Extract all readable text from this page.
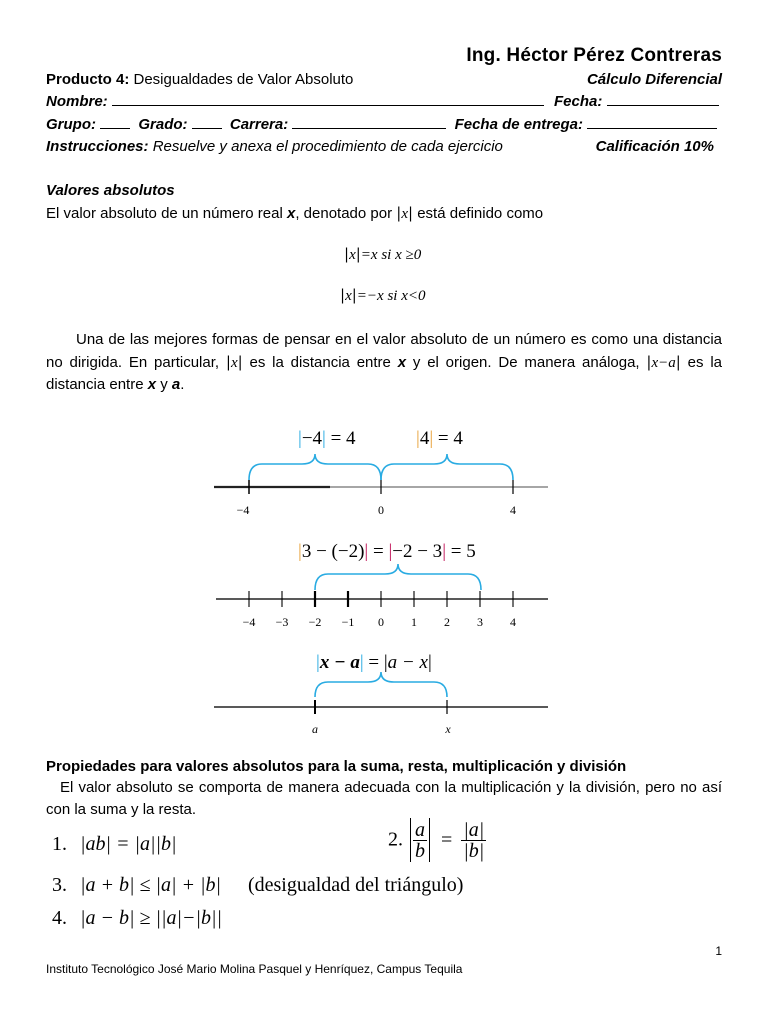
Ing. Héctor Pérez Contreras
Producto 4: Desigualdades de Valor Absoluto	Cálculo Diferencial
Nombre:	Fecha:
Grupo:	Grado:	Carrera:	Fecha de entrega:
Instrucciones: Resuelve y anexa el procedimiento de cada ejercicio	Calificación 10%
Valores absolutos
El valor absoluto de un número real x, denotado por |x| está definido como
|x|=x si x ≥0
|x|=−x si x<0
Una de las mejores formas de pensar en el valor absoluto de un número es como una distancia no dirigida. En particular, |x| es la distancia entre x y el origen. De manera análoga, |x−a| es la distancia entre x y a.
|−4| = 4	|4| = 4
−4	0	4
|3 − (−2)| = |−2 − 3| = 5
−4 −3 −2 −1 0 1 2 3 4
|x − a| = |a − x|
a	x
Propiedades para valores absolutos para la suma, resta, multiplicación y división
El valor absoluto se comporta de manera adecuada con la multiplicación y la división, pero no así con la suma y la resta.
1. |ab| = |a||b|	2. $\frac{a}{b} = \frac{|a|}{|b|}$
3. |a + b| ≤ |a| + |b| (desigualdad del triángulo)
4. |a − b| ≥ ||a|−|b||
1
Instituto Tecnológico José Mario Molina Pasquel y Henríquez, Campus Tequila
